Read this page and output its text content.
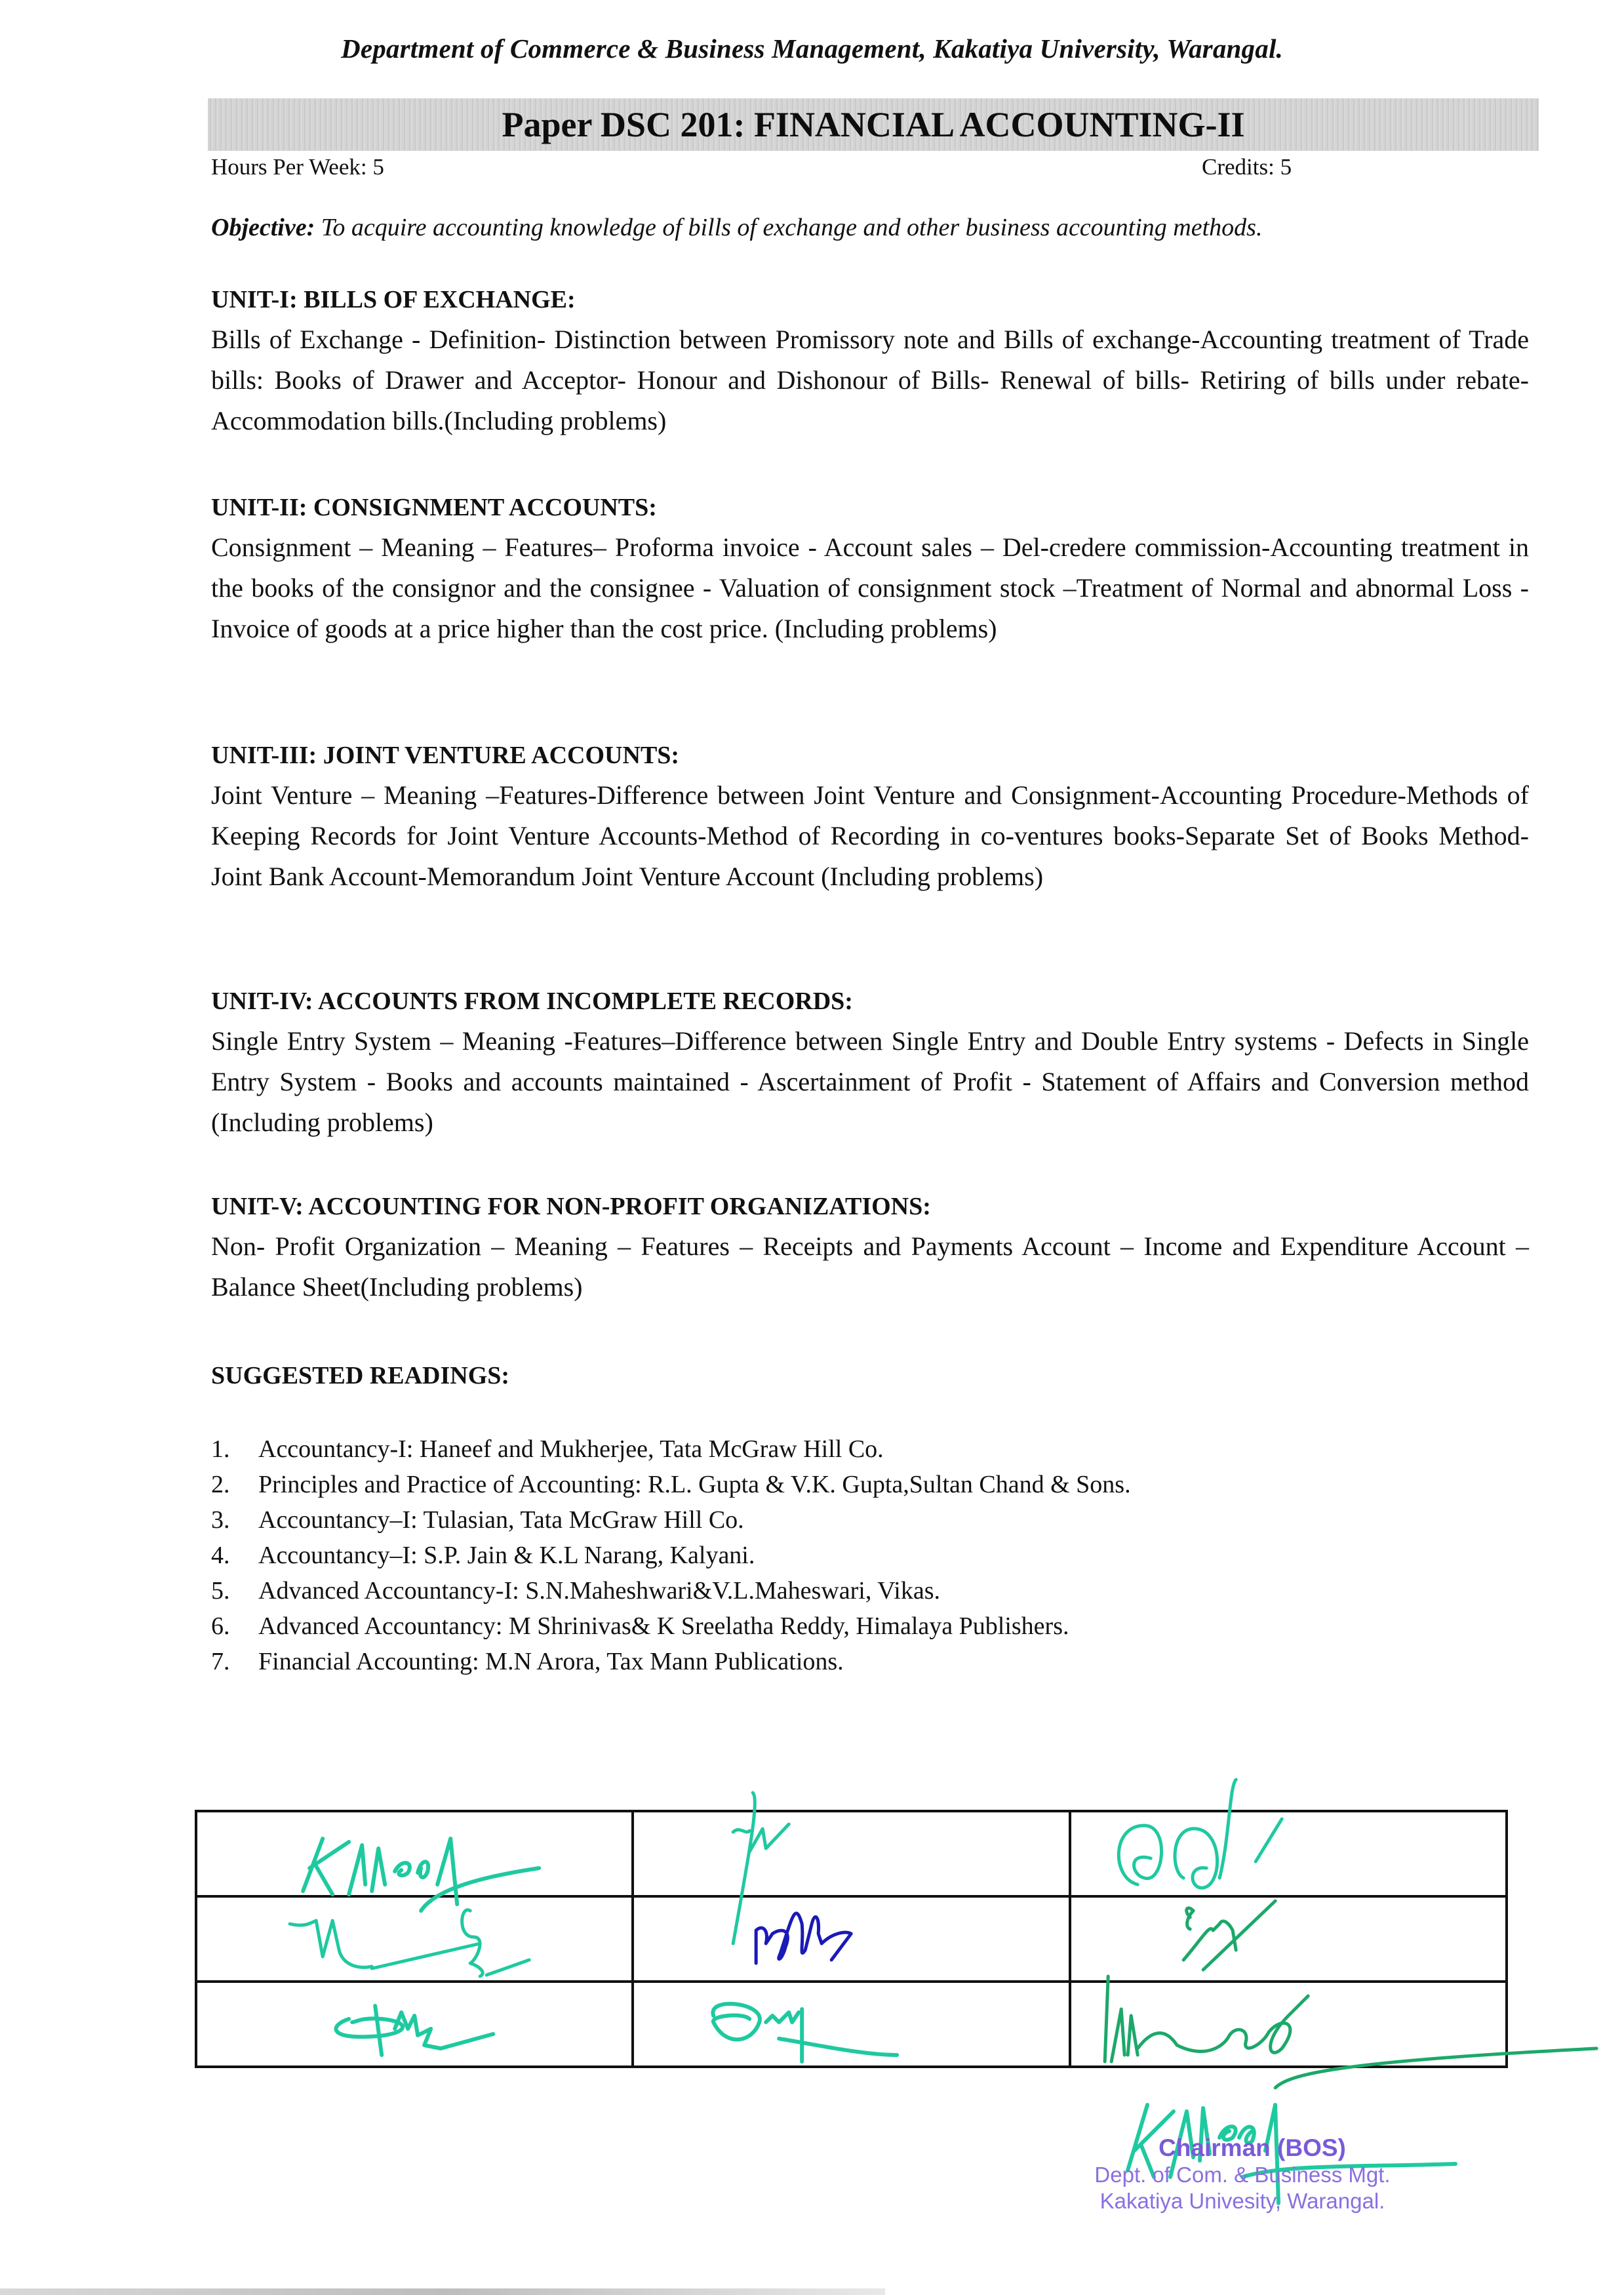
Department of Commerce & Business Management, Kakatiya University, Warangal.
Paper DSC 201: FINANCIAL ACCOUNTING-II
Hours Per Week: 5	Credits: 5
Objective: To acquire accounting knowledge of bills of exchange and other business accounting methods.
UNIT-I: BILLS OF EXCHANGE:

Bills of Exchange - Definition- Distinction between Promissory note and Bills of exchange-Accounting treatment of Trade bills: Books of Drawer and Acceptor- Honour and Dishonour of Bills- Renewal of bills- Retiring of bills under rebate- Accommodation bills.(Including problems)

UNIT-II: CONSIGNMENT ACCOUNTS:

Consignment – Meaning – Features– Proforma invoice - Account sales – Del-credere commission-Accounting treatment in the books of the consignor and the consignee - Valuation of consignment stock –Treatment of Normal and abnormal Loss - Invoice of goods at a price higher than the cost price. (Including problems)

UNIT-III: JOINT VENTURE ACCOUNTS:

Joint Venture – Meaning –Features-Difference between Joint Venture and Consignment-Accounting Procedure-Methods of Keeping Records for Joint Venture Accounts-Method of Recording in co-ventures books-Separate Set of Books Method- Joint Bank Account-Memorandum Joint Venture Account (Including problems)

UNIT-IV: ACCOUNTS FROM INCOMPLETE RECORDS:

Single Entry System – Meaning -Features–Difference between Single Entry and Double Entry systems - Defects in Single Entry System - Books and accounts maintained - Ascertainment of Profit - Statement of Affairs and Conversion method (Including problems)

UNIT-V: ACCOUNTING FOR NON-PROFIT ORGANIZATIONS:

Non- Profit Organization – Meaning – Features – Receipts and Payments Account – Income and Expenditure Account – Balance Sheet(Including problems)

SUGGESTED READINGS:
1.	Accountancy-I: Haneef and Mukherjee, Tata McGraw Hill Co.
2.	Principles and Practice of Accounting: R.L. Gupta & V.K. Gupta,Sultan Chand & Sons.
3.	Accountancy–I: Tulasian, Tata McGraw Hill Co.
4.	Accountancy–I: S.P. Jain & K.L Narang, Kalyani.
5.	Advanced Accountancy-I: S.N.Maheshwari&V.L.Maheswari, Vikas.
6.	Advanced Accountancy: M Shrinivas& K Sreelatha Reddy, Himalaya Publishers.
7.	Financial Accounting: M.N Arora, Tax Mann Publications.

Chairman (BOS)
Dept. of Com. & Business Mgt.
Kakatiya Univesity, Warangal.
